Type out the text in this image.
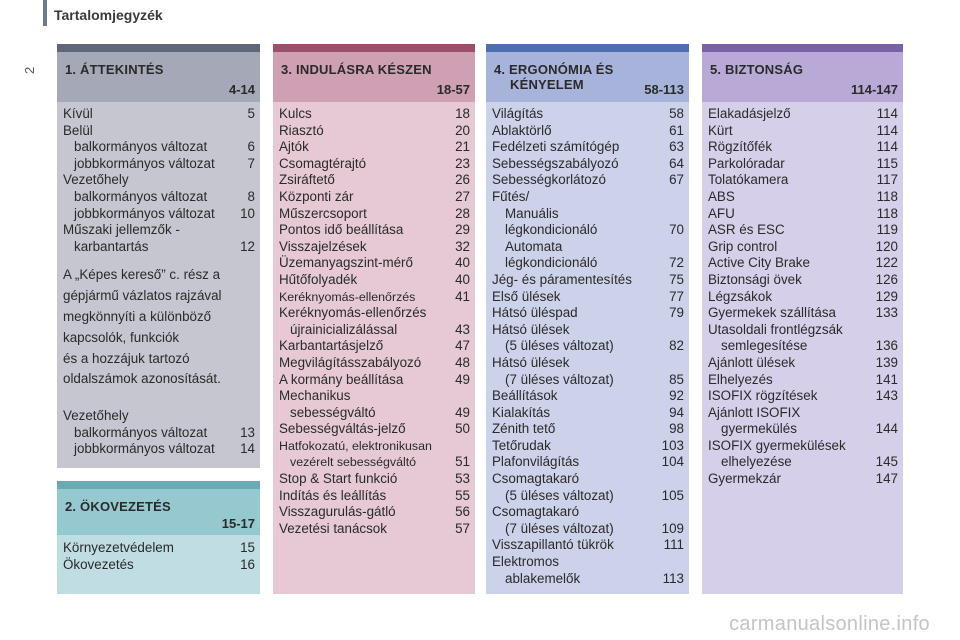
Tartalomjegyzék
2 1. ÁTTEKINTÉS
4-14
Kívül	5
Belül
balkormányos változat	6
jobbkormányos változat 7
Vezetőhely
balkormányos változat	8
jobbkormányos változat 10
Műszaki jellemzők -
karbantartás	12
A „Képes kereső” c. rész a
gépjármű vázlatos rajzával
megkönnyíti a különböző
kapcsolók, funkciók
és a hozzájuk tartozó
oldalszámok azonosítását.
Vezetőhely
balkormányos változat 13
jobbkormányos változat 14
2. ÖKOVEZETÉS
15-17
Környezetvédelem	15
Ökovezetés	16
3. INDULÁSRA KÉSZEN
18-57
Kulcs	18
Riasztó	20
Ajtók	21
Csomagtérajtó	23
Zsiráftető	26
Központi zár	27
Műszercsoport	28
Pontos idő beállítása	29
Visszajelzések	32
Üzemanyagszint-mérő	40
Hűtőfolyadék	40
Keréknyomás-ellenőrzés	41
Keréknyomás-ellenőrzés
újrainicializálással	43
Karbantartásjelző	47
Megvilágításszabályozó	48
A kormány beállítása	49
Mechanikus
sebességváltó	49
Sebességváltás-jelző	50
Hatfokozatú, elektronikusan
vezérelt sebességváltó	51
Stop & Start funkció	53
Indítás és leállítás	55
Visszagurulás-gátló	56
Vezetési tanácsok	57
4. ERGONÓMIA ÉS
KÉNYELEM	58-113
Világítás	58
Ablaktörlő	61
Fedélzeti számítógép	63
Sebességszabályozó	64
Sebességkorlátozó	67
Fűtés/
Manuális
légkondicionáló	70
Automata
légkondicionáló	72
Jég- és páramentesítés	75
Első ülések	77
Hátsó üléspad	79
Hátsó ülések
(5 üléses változat)	82
Hátsó ülések
(7 üléses változat)	85
Beállítások	92
Kialakítás	94
Zénith tető	98
Tetőrudak	103
Plafonvilágítás	104
Csomagtakaró
(5 üléses változat)	105
Csomagtakaró
(7 üléses változat)	109
Visszapillantó tükrök	111
Elektromos
ablakemelők	113
5. BIZTONSÁG
114-147
Elakadásjelző	114
Kürt	114
Rögzítőfék	114
Parkolóradar	115
Tolatókamera	117
ABS	118
AFU	118
ASR és ESC	119
Grip control	120
Active City Brake	122
Biztonsági övek	126
Légzsákok	129
Gyermekek szállítása	133
Utasoldali frontlégzsák
semlegesítése	136
Ajánlott ülések	139
Elhelyezés	141
ISOFIX rögzítések	143
Ajánlott ISOFIX
gyermekülés	144
ISOFIX gyermekülések
elhelyezése	145
Gyermekzár	147
carmanualsonline.info
